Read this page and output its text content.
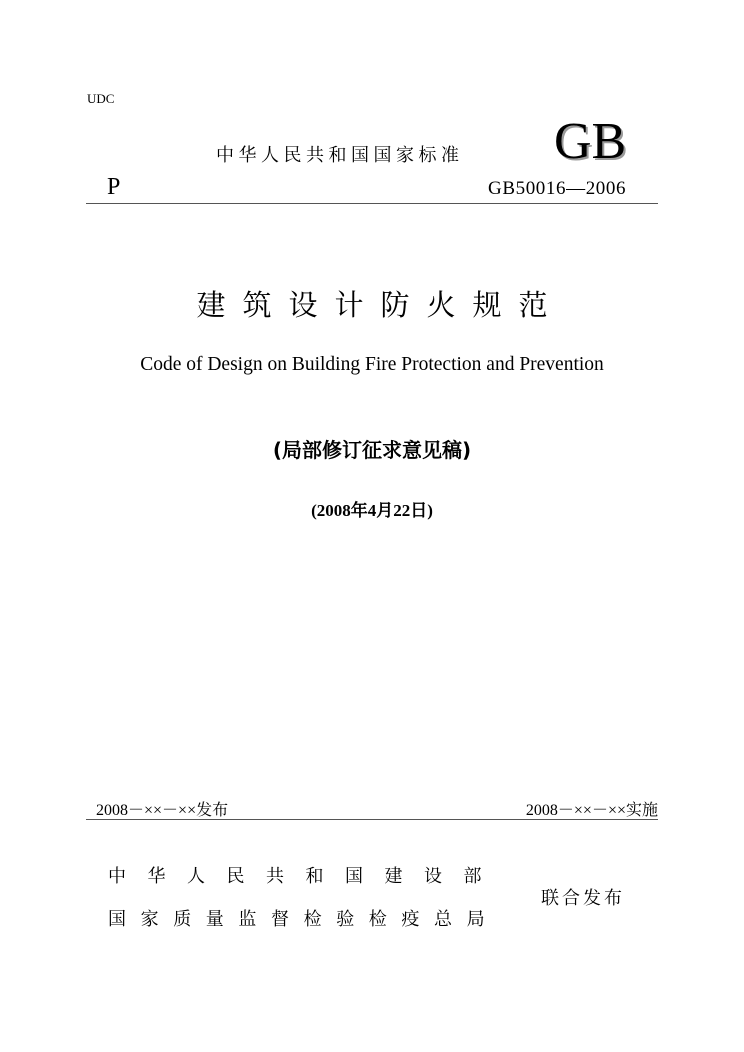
UDC
中华人民共和国国家标准 GB
P	GB50016—2006
建筑设计防火规范
Code of Design on Building Fire Protection and Prevention
(局部修订征求意见稿)
(2008年4月22日)
2008－××－××发布	2008－××－××实施
中华人民共和国建设部
国家质量监督检验检疫总局
联合发布
